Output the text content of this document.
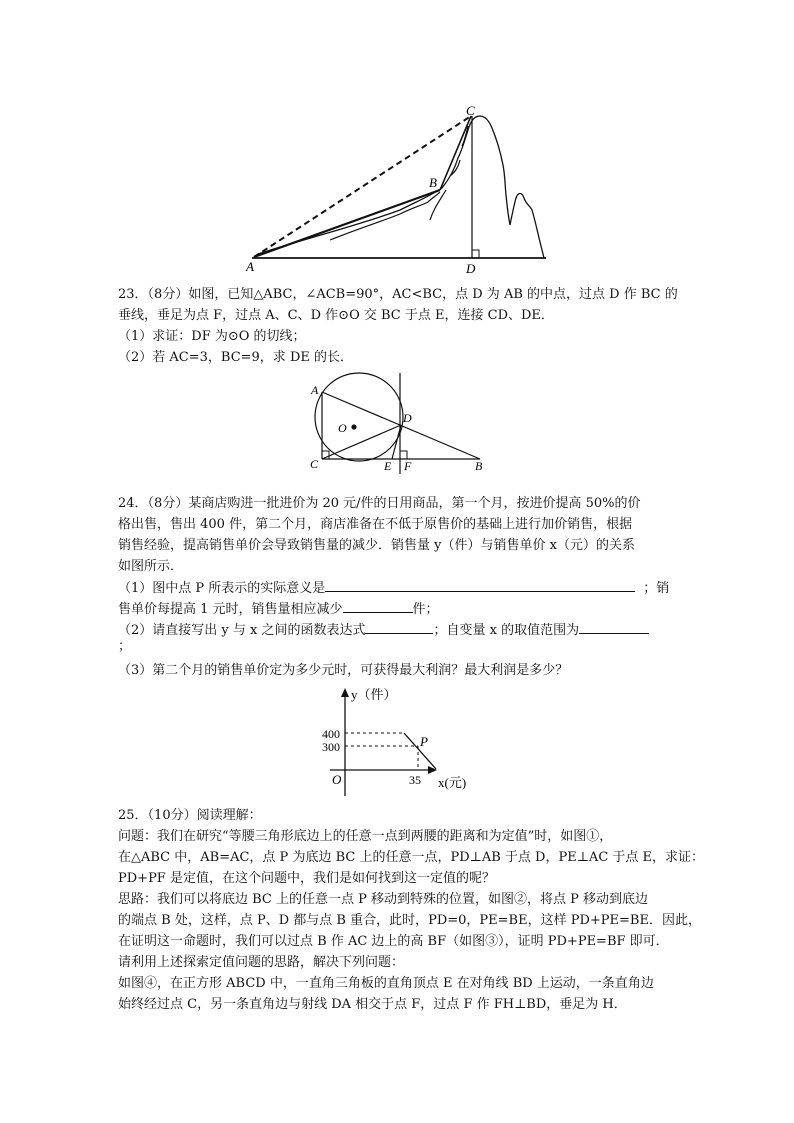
A
B
C
D
23．（8分）如图，已知△ABC，∠ACB=90°，AC<BC，点 D 为 AB 的中点，过点 D 作 BC 的
垂线，垂足为点 F，过点 A、C、D 作⊙O 交 BC 于点 E，连接 CD、DE．
（1）求证：DF 为⊙O 的切线；
（2）若 AC=3，BC=9，求 DE 的长．
A
C
D
O
E F	B
24．（8分）某商店购进一批进价为 20 元/件的日用商品，第一个月，按进价提高 50%的价
格出售，售出 400 件，第二个月，商店准备在不低于原售价的基础上进行加价销售，根据
销售经验，提高销售单价会导致销售量的减少．销售量 y（件）与销售单价 x（元）的关系
如图所示．
（1）图中点 P 所表示的实际意义是	；销
售单价每提高 1 元时，销售量相应减少	件；
（2）请直接写出 y 与 x 之间的函数表达式	；自变量 x 的取值范围为
；
（3）第二个月的销售单价定为多少元时，可获得最大利润？最大利润是多少？
y（件）
x(元)
O
400
300
35
P
25．（10分）阅读理解：
问题：我们在研究“等腰三角形底边上的任意一点到两腰的距离和为定值”时，如图①，
在△ABC 中，AB=AC，点 P 为底边 BC 上的任意一点，PD⊥AB 于点 D，PE⊥AC 于点 E，求证：
PD+PF 是定值，在这个问题中，我们是如何找到这一定值的呢？
思路：我们可以将底边 BC 上的任意一点 P 移动到特殊的位置，如图②，将点 P 移动到底边
的端点 B 处，这样，点 P、D 都与点 B 重合，此时，PD=0，PE=BE，这样 PD+PE=BE．因此，
在证明这一命题时，我们可以过点 B 作 AC 边上的高 BF（如图③），证明 PD+PE=BF 即可．
请利用上述探索定值问题的思路，解决下列问题：
如图④，在正方形 ABCD 中，一直角三角板的直角顶点 E 在对角线 BD 上运动，一条直角边
始终经过点 C，另一条直角边与射线 DA 相交于点 F，过点 F 作 FH⊥BD，垂足为 H．
